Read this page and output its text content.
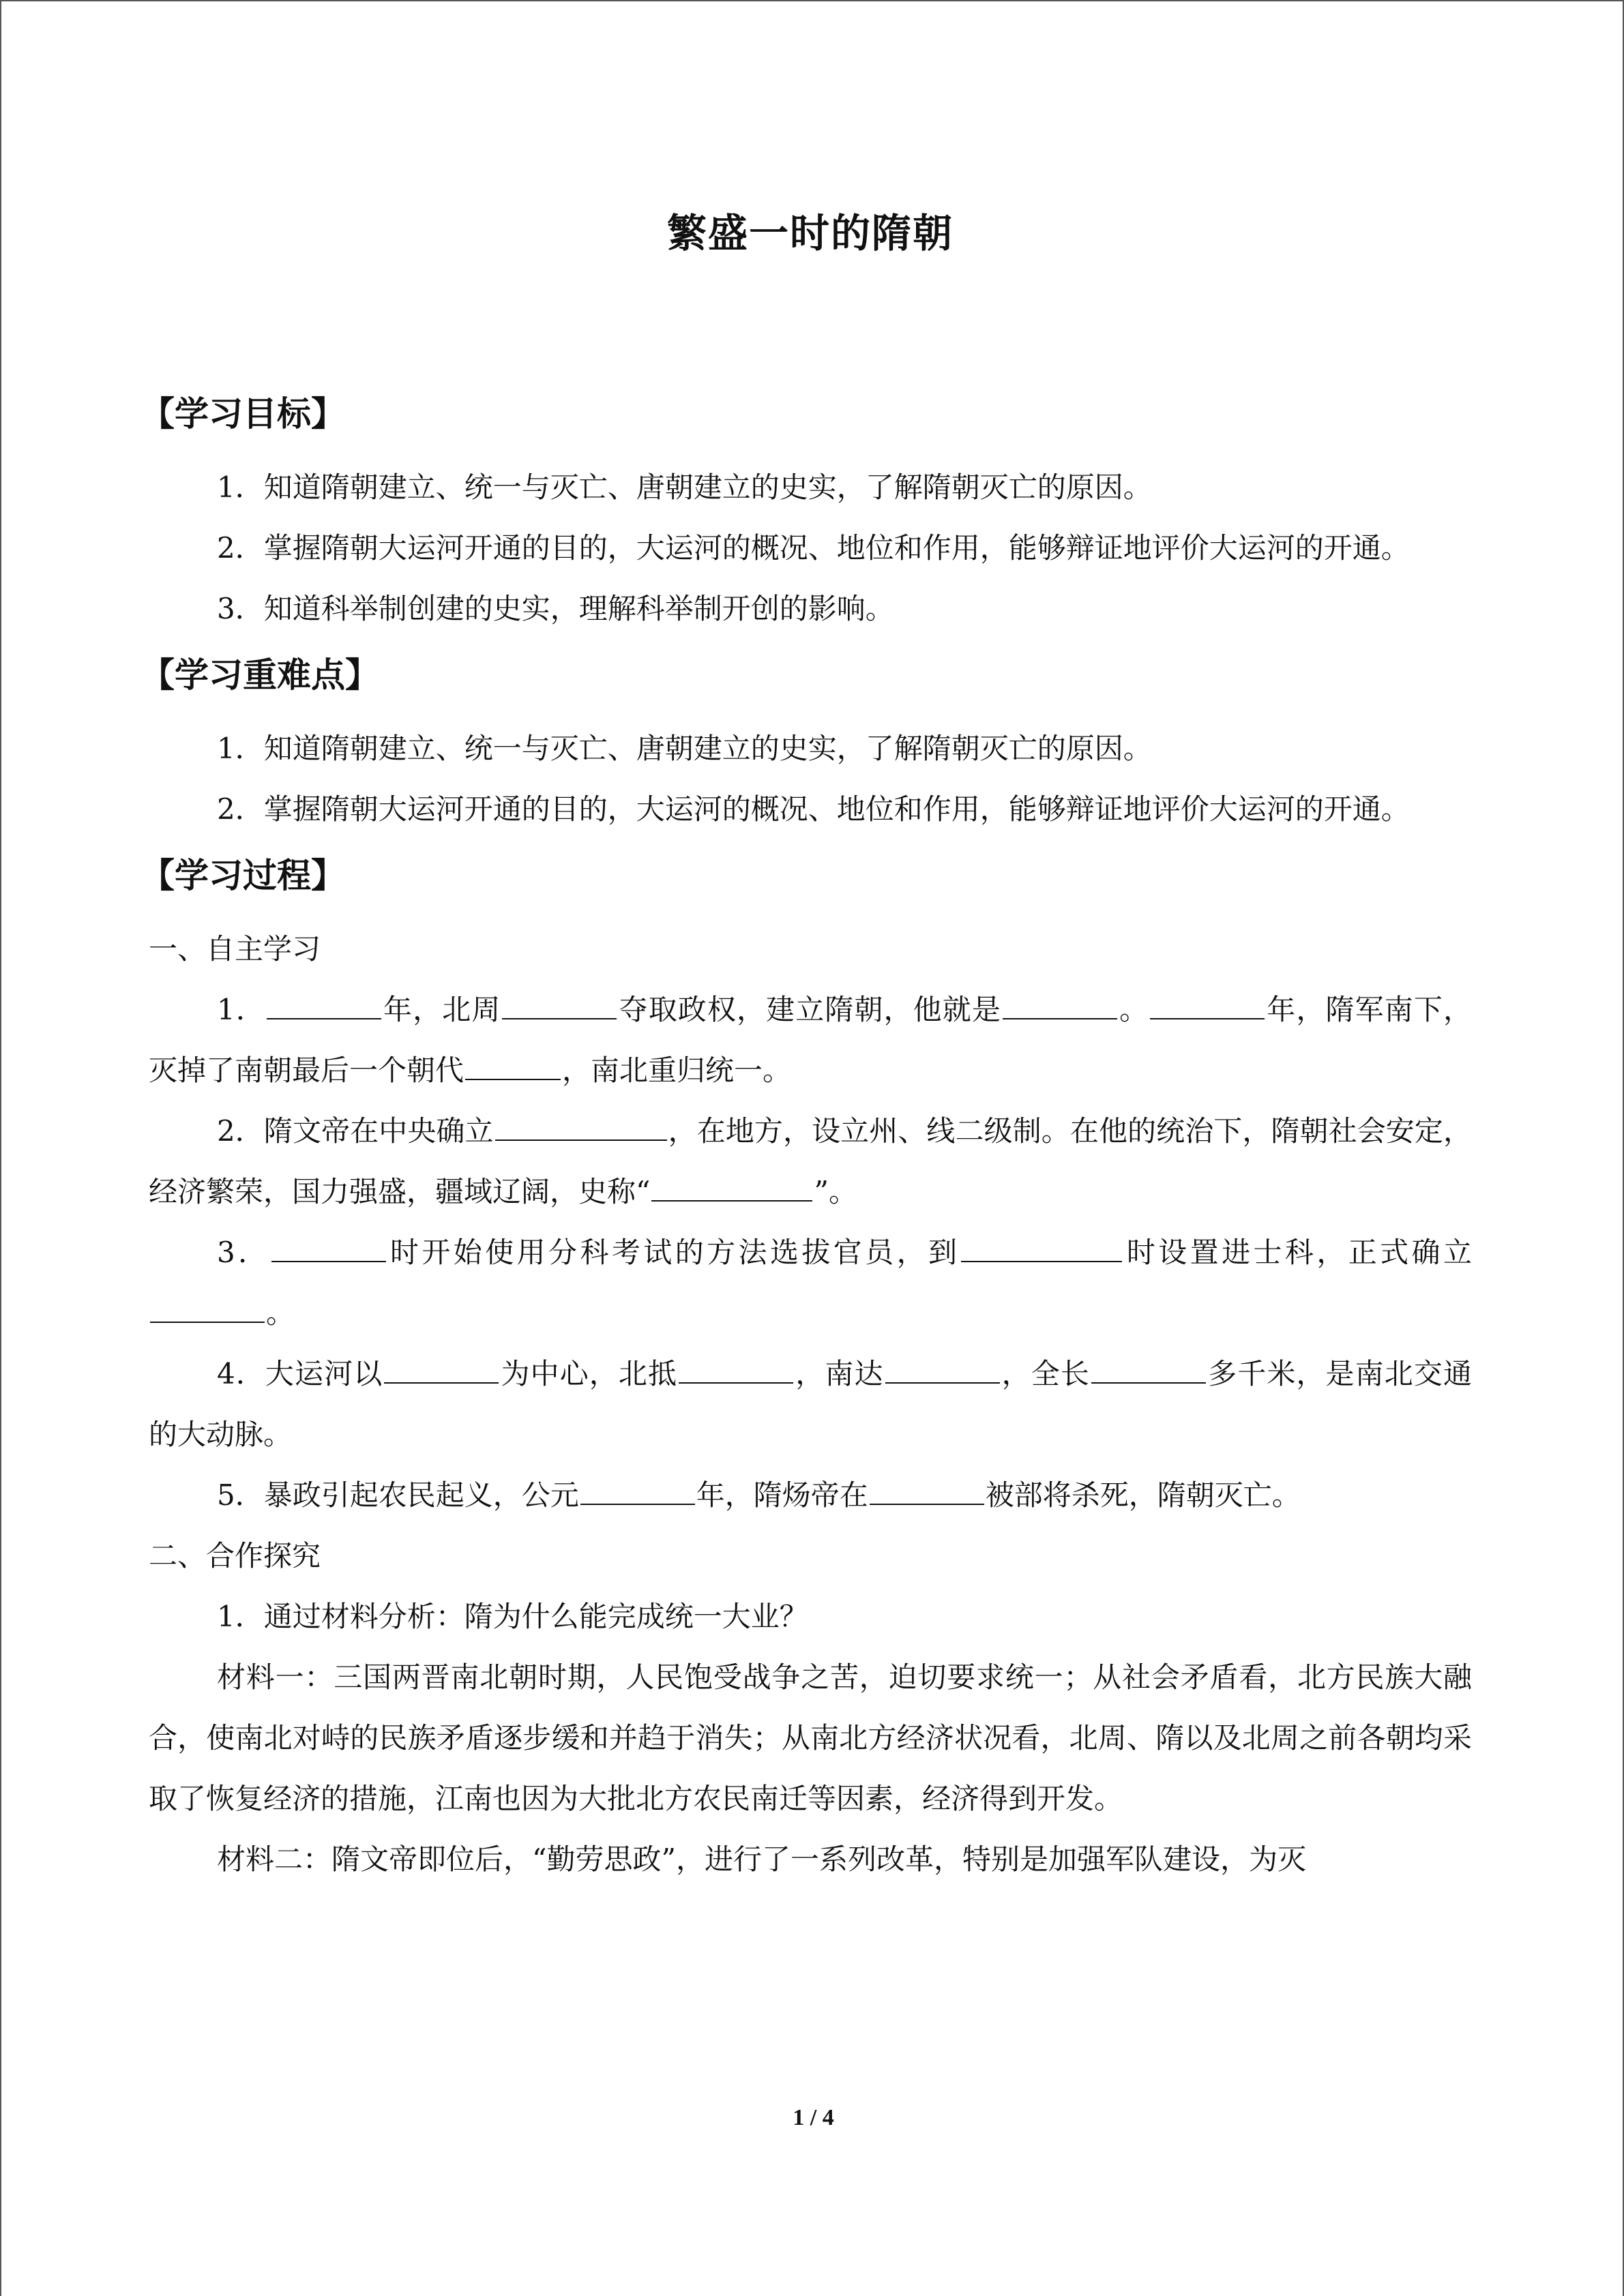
繁盛一时的隋朝
【学习目标】

1．知道隋朝建立、统一与灭亡、唐朝建立的史实，了解隋朝灭亡的原因。

2．掌握隋朝大运河开通的目的，大运河的概况、地位和作用，能够辩证地评价大运河的开通。

3．知道科举制创建的史实，理解科举制开创的影响。

【学习重难点】

1．知道隋朝建立、统一与灭亡、唐朝建立的史实，了解隋朝灭亡的原因。

2．掌握隋朝大运河开通的目的，大运河的概况、地位和作用，能够辩证地评价大运河的开通。

【学习过程】

一、自主学习

1．	年，北周	夺取政权，建立隋朝，他就是	。	年，隋军南下，灭掉了南朝最后一个朝代	，南北重归统一。

2．隋文帝在中央确立	，在地方，设立州、线二级制。在他的统治下，隋朝社会安定，经济繁荣，国力强盛，疆域辽阔，史称“	”。

3．	时开始使用分科考试的方法选拔官员，到	时设置进士科，正式确立。

4．大运河以	为中心，北抵	，南达	，全长	多千米，是南北交通的大动脉。

5．暴政引起农民起义，公元	年，隋炀帝在	被部将杀死，隋朝灭亡。

二、合作探究

1．通过材料分析：隋为什么能完成统一大业？

材料一：三国两晋南北朝时期，人民饱受战争之苦，迫切要求统一；从社会矛盾看，北方民族大融合，使南北对峙的民族矛盾逐步缓和并趋于消失；从南北方经济状况看，北周、隋以及北周之前各朝均采取了恢复经济的措施，江南也因为大批北方农民南迁等因素，经济得到开发。

材料二：隋文帝即位后，“勤劳思政”，进行了一系列改革，特别是加强军队建设，为灭

1 / 4
